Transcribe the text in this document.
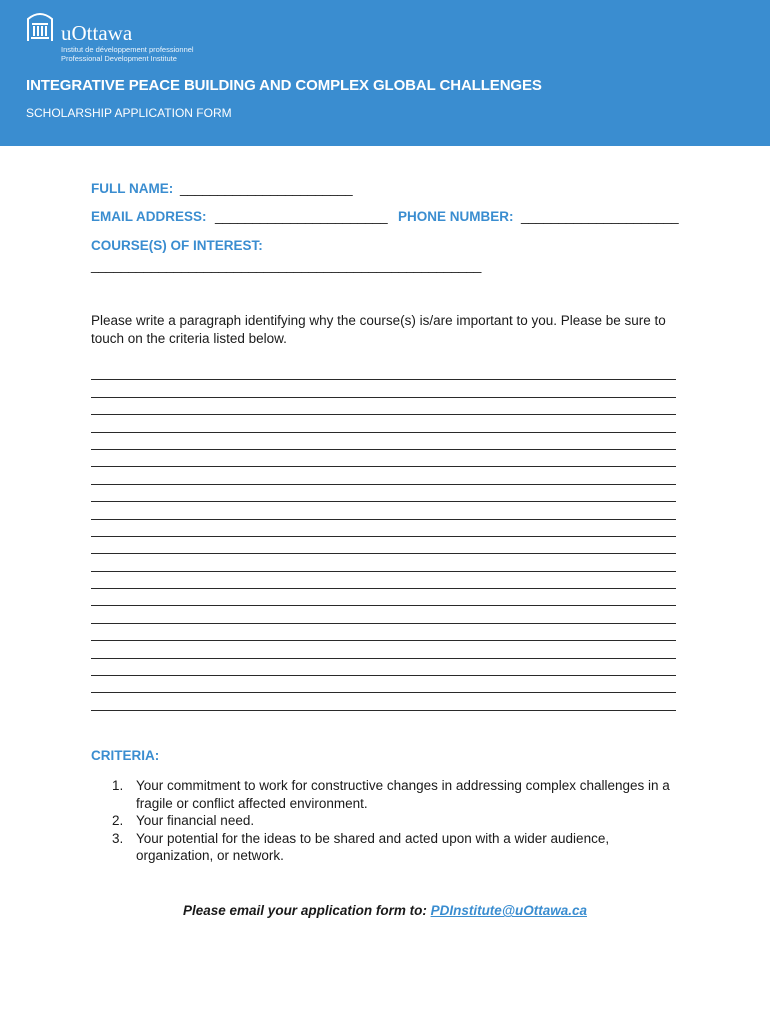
uOttawa
Institut de développement professionnel
Professional Development Institute
INTEGRATIVE PEACE BUILDING AND COMPLEX GLOBAL CHALLENGES
SCHOLARSHIP APPLICATION FORM
FULL NAME: _______________________
EMAIL ADDRESS: _______________________ PHONE NUMBER: _____________________
COURSE(S) OF INTEREST:
____________________________________________________
Please write a paragraph identifying why the course(s) is/are important to you. Please be sure to touch on the criteria listed below.
CRITERIA:
1. Your commitment to work for constructive changes in addressing complex challenges in a fragile or conflict affected environment.
2. Your financial need.
3. Your potential for the ideas to be shared and acted upon with a wider audience, organization, or network.
Please email your application form to: PDInstitute@uOttawa.ca
